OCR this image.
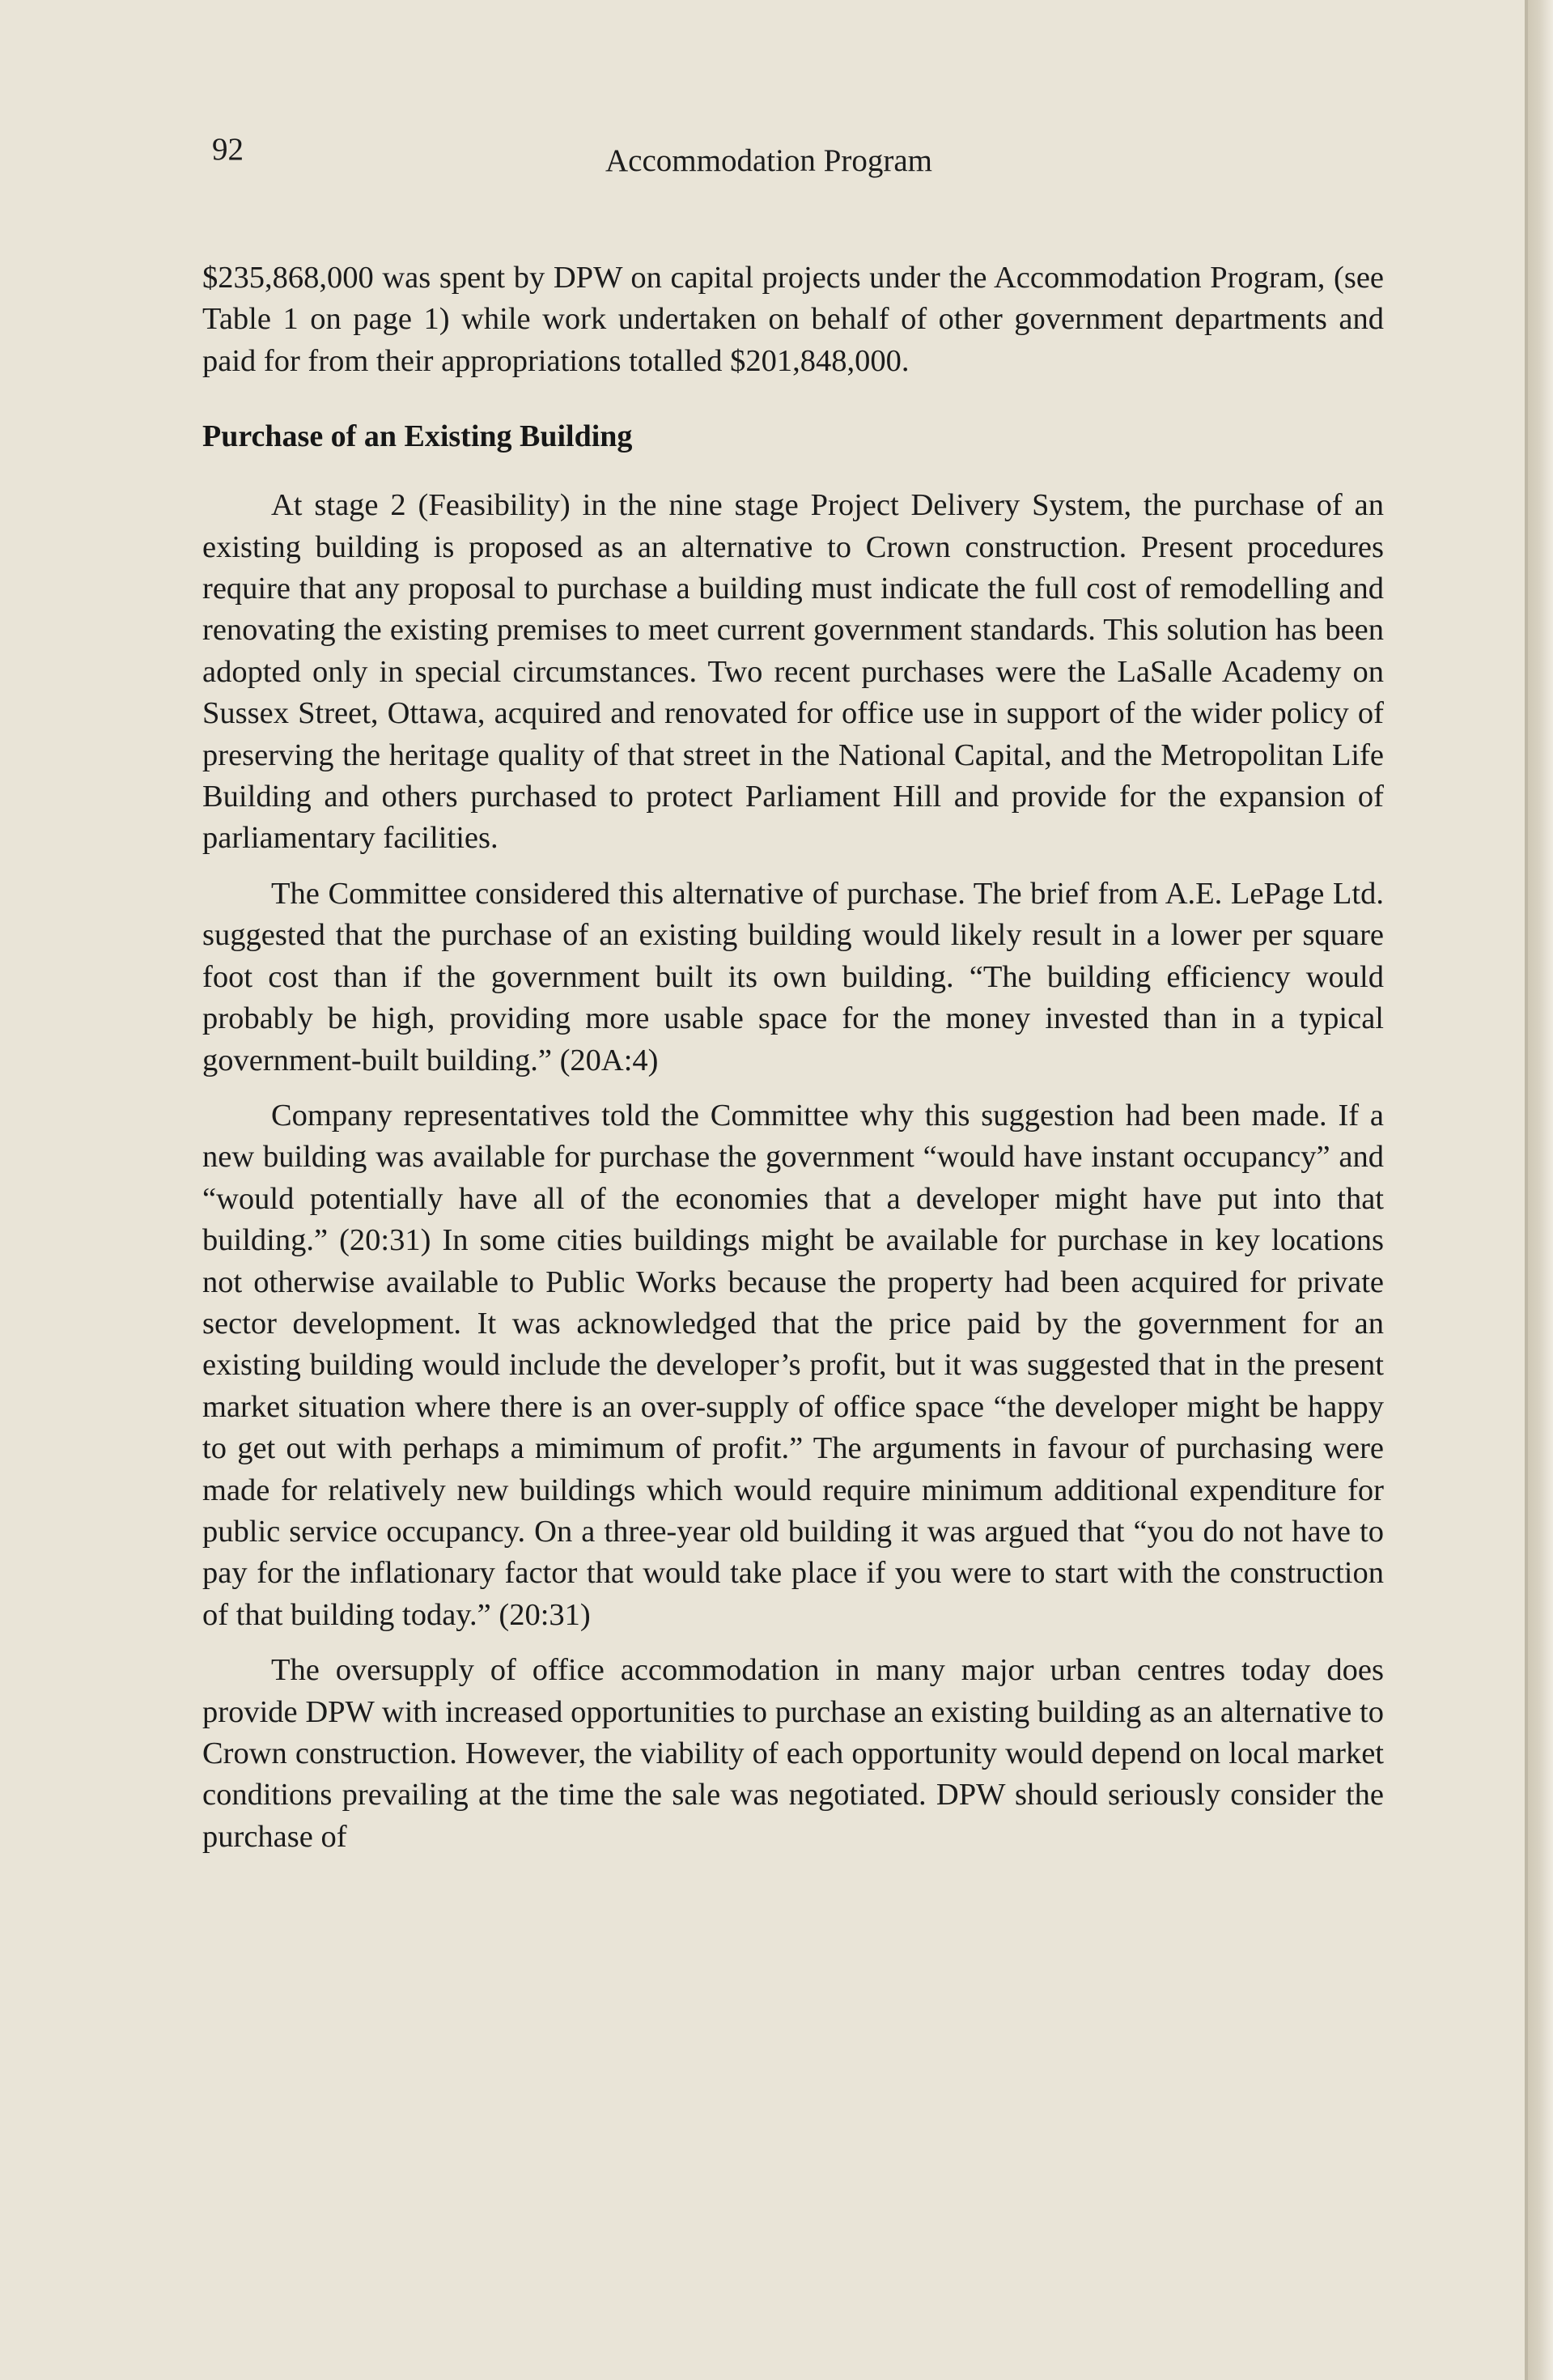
92	Accommodation Program

$235,868,000 was spent by DPW on capital projects under the Accommodation Program, (see Table 1 on page 1) while work undertaken on behalf of other government departments and paid for from their appropriations totalled $201,848,000.

Purchase of an Existing Building

At stage 2 (Feasibility) in the nine stage Project Delivery System, the purchase of an existing building is proposed as an alternative to Crown construction. Present procedures require that any proposal to purchase a building must indicate the full cost of remodelling and renovating the existing premises to meet current government standards. This solution has been adopted only in special circumstances. Two recent purchases were the LaSalle Academy on Sussex Street, Ottawa, acquired and renovated for office use in support of the wider policy of preserving the heritage quality of that street in the National Capital, and the Metropolitan Life Building and others purchased to protect Parliament Hill and provide for the expansion of parliamentary facilities.

The Committee considered this alternative of purchase. The brief from A.E. LePage Ltd. suggested that the purchase of an existing building would likely result in a lower per square foot cost than if the government built its own building. “The building efficiency would probably be high, providing more usable space for the money invested than in a typical government-built building.” (20A:4)

Company representatives told the Committee why this suggestion had been made. If a new building was available for purchase the government “would have instant occupancy” and “would potentially have all of the economies that a developer might have put into that building.” (20:31) In some cities buildings might be available for purchase in key locations not otherwise available to Public Works because the property had been acquired for private sector development. It was acknowledged that the price paid by the government for an existing building would include the developer’s profit, but it was suggested that in the present market situation where there is an over-supply of office space “the developer might be happy to get out with perhaps a mimimum of profit.” The arguments in favour of purchasing were made for relatively new buildings which would require minimum additional expenditure for public service occupancy. On a three-year old building it was argued that “you do not have to pay for the inflationary factor that would take place if you were to start with the construction of that building today.” (20:31)

The oversupply of office accommodation in many major urban centres today does provide DPW with increased opportunities to purchase an existing building as an alternative to Crown construction. However, the viability of each opportunity would depend on local market conditions prevailing at the time the sale was negotiated. DPW should seriously consider the purchase of
